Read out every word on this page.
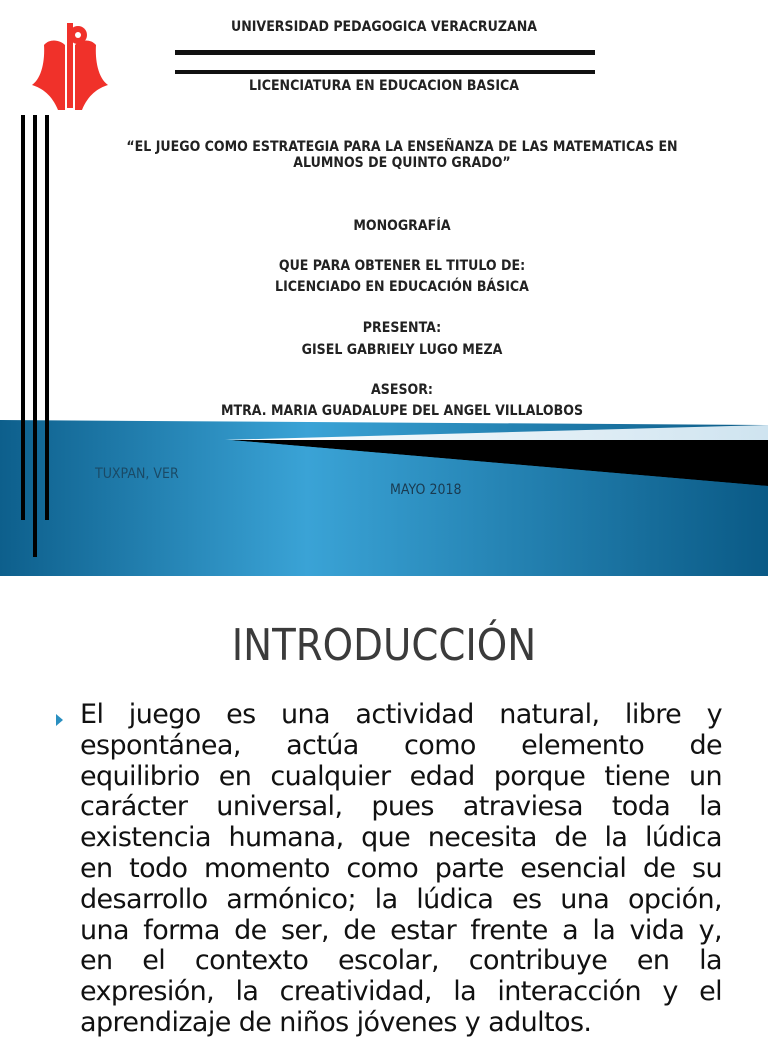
UNIVERSIDAD PEDAGOGICA VERACRUZANA
LICENCIATURA EN EDUCACION BASICA
“EL JUEGO COMO ESTRATEGIA PARA LA ENSEÑANZA DE LAS MATEMATICAS EN
ALUMNOS DE QUINTO GRADO”
MONOGRAFÍA
QUE PARA OBTENER EL TITULO DE:
LICENCIADO EN EDUCACIÓN BÁSICA
PRESENTA:
GISEL GABRIELY LUGO MEZA
ASESOR:
MTRA. MARIA GUADALUPE DEL ANGEL VILLALOBOS
TUXPAN, VER
MAYO 2018
INTRODUCCIÓN
El juego es una actividad natural, libre y
espontánea, actúa como elemento de
equilibrio en cualquier edad porque tiene un
carácter universal, pues atraviesa toda la
existencia humana, que necesita de la lúdica
en todo momento como parte esencial de su
desarrollo armónico; la lúdica es una opción,
una forma de ser, de estar frente a la vida y,
en el contexto escolar, contribuye en la
expresión, la creatividad, la interacción y el
aprendizaje de niños jóvenes y adultos.
